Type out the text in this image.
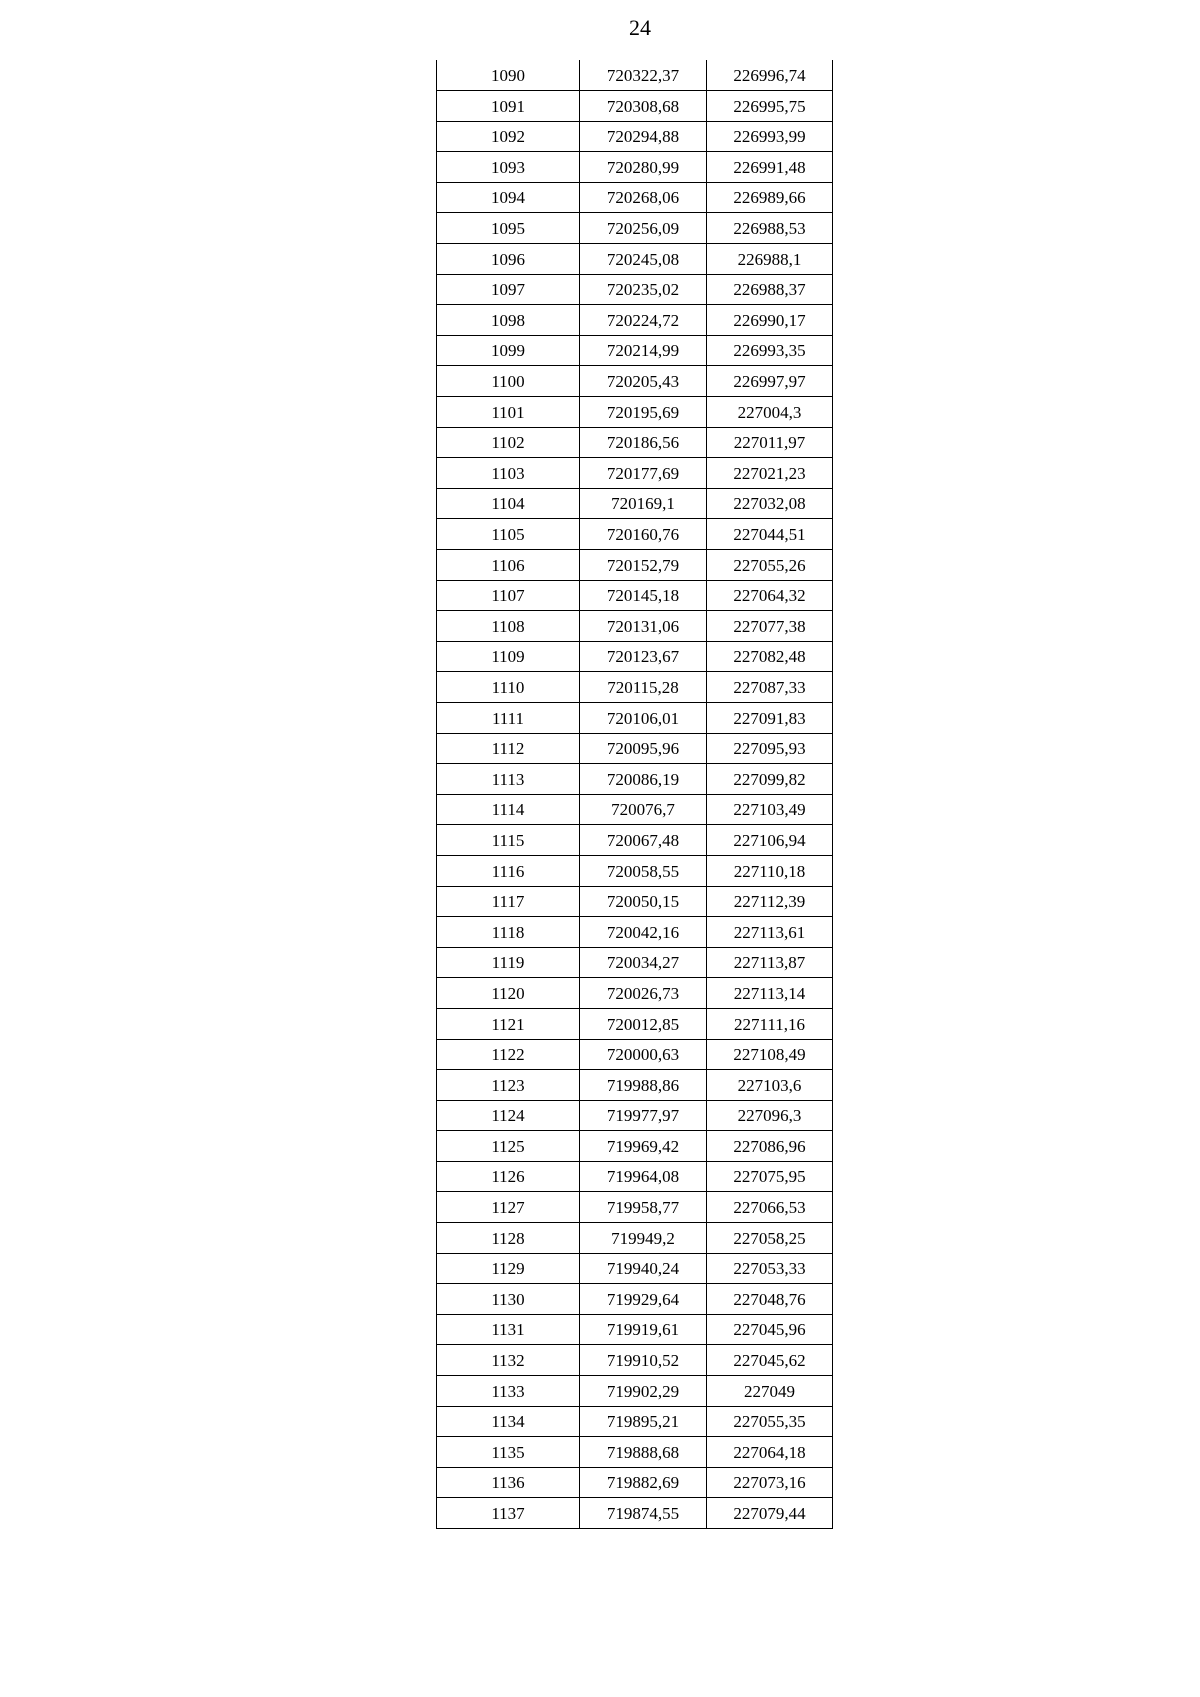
24
1090	720322,37	226996,74
1091	720308,68	226995,75
1092	720294,88	226993,99
1093	720280,99	226991,48
1094	720268,06	226989,66
1095	720256,09	226988,53
1096	720245,08	226988,1
1097	720235,02	226988,37
1098	720224,72	226990,17
1099	720214,99	226993,35
1100	720205,43	226997,97
1101	720195,69	227004,3
1102	720186,56	227011,97
1103	720177,69	227021,23
1104	720169,1	227032,08
1105	720160,76	227044,51
1106	720152,79	227055,26
1107	720145,18	227064,32
1108	720131,06	227077,38
1109	720123,67	227082,48
1110	720115,28	227087,33
1111	720106,01	227091,83
1112	720095,96	227095,93
1113	720086,19	227099,82
1114	720076,7	227103,49
1115	720067,48	227106,94
1116	720058,55	227110,18
1117	720050,15	227112,39
1118	720042,16	227113,61
1119	720034,27	227113,87
1120	720026,73	227113,14
1121	720012,85	227111,16
1122	720000,63	227108,49
1123	719988,86	227103,6
1124	719977,97	227096,3
1125	719969,42	227086,96
1126	719964,08	227075,95
1127	719958,77	227066,53
1128	719949,2	227058,25
1129	719940,24	227053,33
1130	719929,64	227048,76
1131	719919,61	227045,96
1132	719910,52	227045,62
1133	719902,29	227049
1134	719895,21	227055,35
1135	719888,68	227064,18
1136	719882,69	227073,16
1137	719874,55	227079,44
